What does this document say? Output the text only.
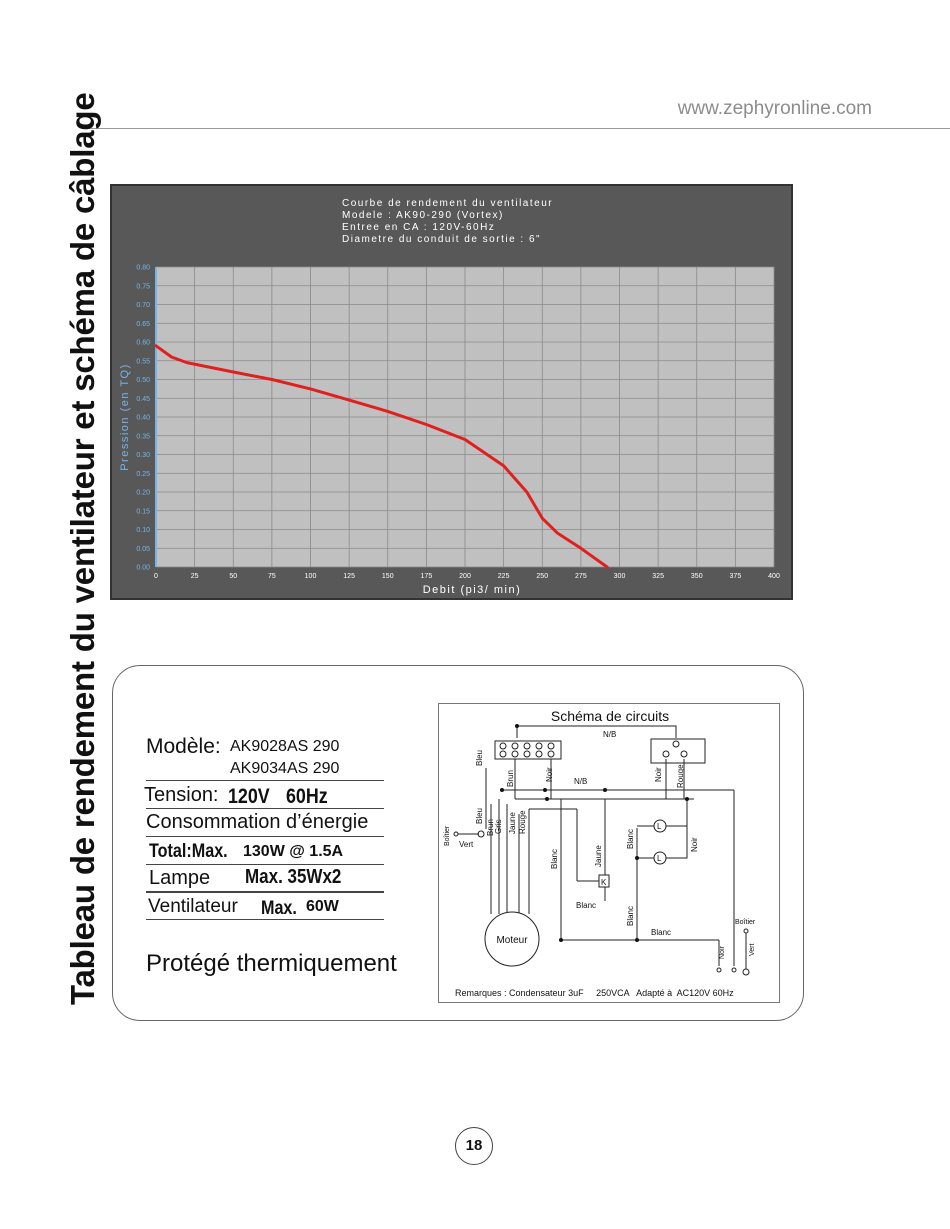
www.zephyronline.com
Tableau de rendement du ventilateur et schéma de câblage	Courbe de rendement du ventilateur
Modele : AK90-290 (Vortex)
Entree en CA : 120V-60Hz
Diametre du conduit de sortie : 6"
0	25	50	75	100	125	150	175	200	225	250	275	300	325	350	375	400
0.00
0.05
0.10
0.15
0.20
0.25
0.30
0.35
0.40
0.45
0.50
0.55
0.60
0.65
0.70
0.75
0.80
Debit (pi3/ min)
Pression (en TQ)
Modèle: AK9028AS 290
AK9034AS 290
Tension: 120V 60Hz
Consommation d’énergie
Total:Max. 130W @ 1.5A
Lampe Max. 35Wx2
Ventilateur Max. 60W
Protégé thermiquement
Schéma de circuits
N/B
Bleu
Brun	Noir	N/B	Noir Rouge
Boîtier Vert
Bleu
Brun Gris Jaune Rouge
Blanc	Jaune
K
Blanc
Blanc
L
L
Noir
Blanc
Blanc
Noir
Boîtier
Vert
Moteur
Remarques : Condensateur 3uF     250VCA   Adapté à  AC120V 60Hz
18
